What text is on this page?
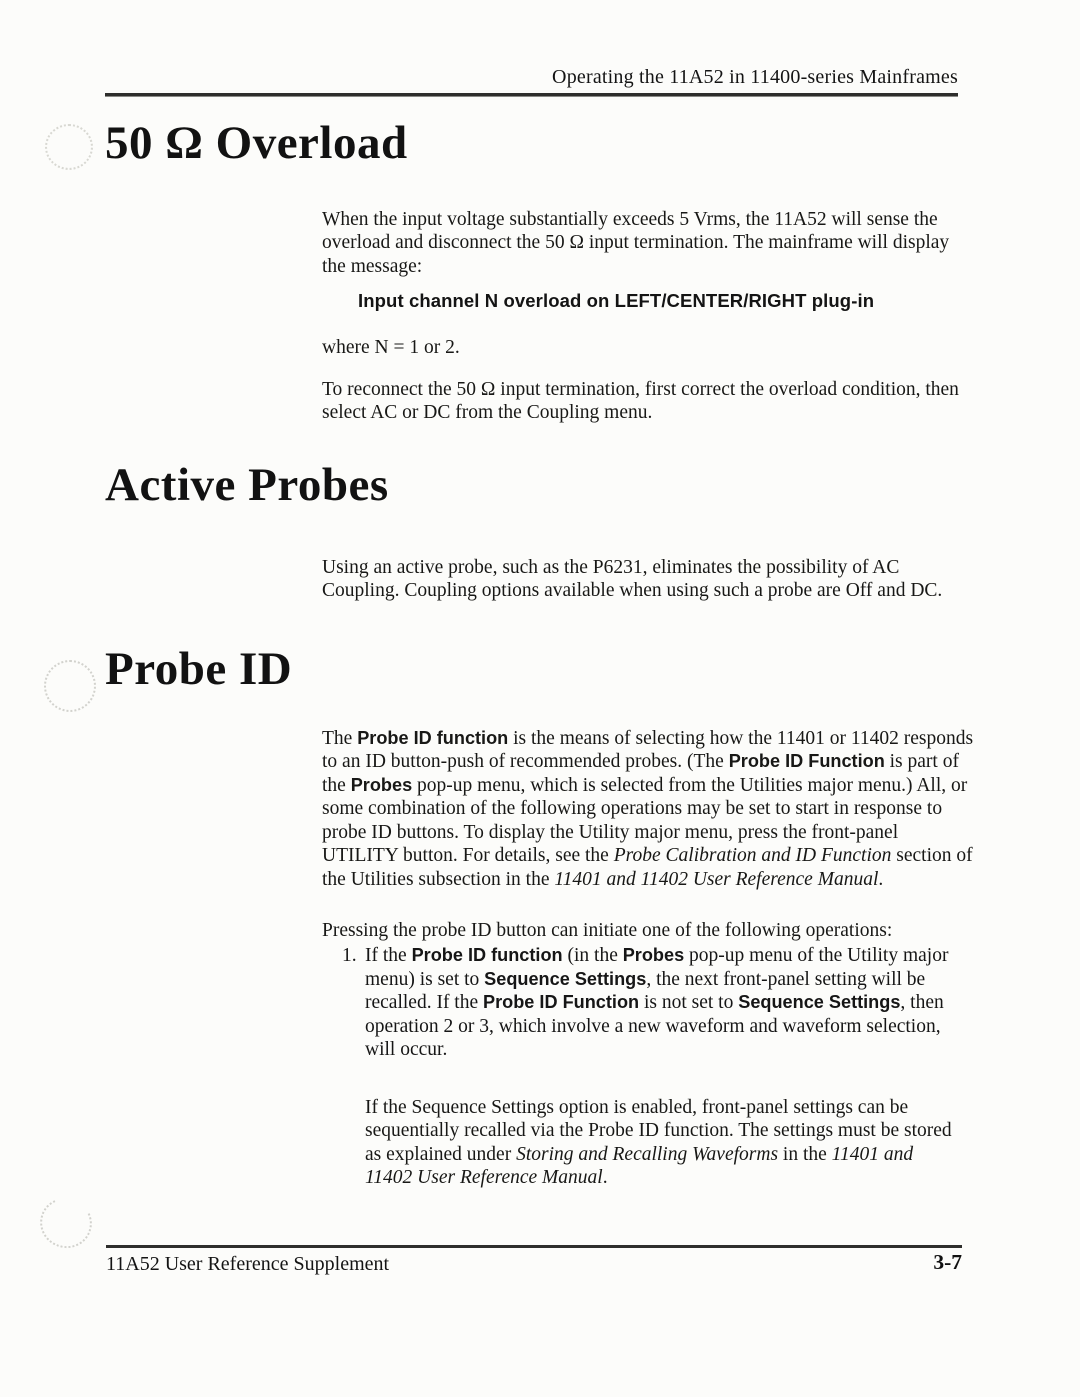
Operating the 11A52 in 11400-series Mainframes
50 Ω Overload

When the input voltage substantially exceeds 5 Vrms, the 11A52 will sense the overload and disconnect the 50 Ω input termination. The mainframe will display the message:

Input channel N overload on LEFT/CENTER/RIGHT plug-in

where N = 1 or 2.

To reconnect the 50 Ω input termination, first correct the overload condition, then select AC or DC from the Coupling menu.

Active Probes

Using an active probe, such as the P6231, eliminates the possibility of AC Coupling. Coupling options available when using such a probe are Off and DC.

Probe ID

The Probe ID function is the means of selecting how the 11401 or 11402 responds to an ID button-push of recommended probes. (The Probe ID Function is part of the Probes pop-up menu, which is selected from the Utilities major menu.) All, or some combination of the following operations may be set to start in response to probe ID buttons. To display the Utility major menu, press the front-panel UTILITY button. For details, see the Probe Calibration and ID Function section of the Utilities subsection in the 11401 and 11402 User Reference Manual.

Pressing the probe ID button can initiate one of the following operations:

1. If the Probe ID function (in the Probes pop-up menu of the Utility major menu) is set to Sequence Settings, the next front-panel setting will be recalled. If the Probe ID Function is not set to Sequence Settings, then operation 2 or 3, which involve a new waveform and waveform selection, will occur.

If the Sequence Settings option is enabled, front-panel settings can be sequentially recalled via the Probe ID function. The settings must be stored as explained under Storing and Recalling Waveforms in the 11401 and 11402 User Reference Manual.

11A52 User Reference Supplement	3-7
